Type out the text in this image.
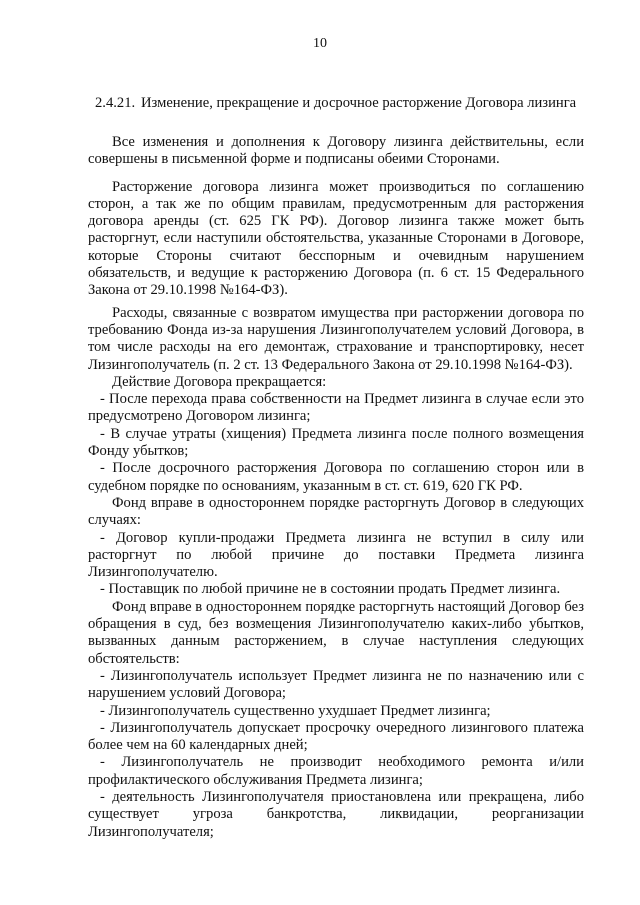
10
2.4.21. Изменение, прекращение и досрочное расторжение Договора лизинга

Все изменения и дополнения к Договору лизинга действительны, если совершены в письменной форме и подписаны обеими Сторонами.

Расторжение договора лизинга может производиться по соглашению сторон, а так же по общим правилам, предусмотренным для расторжения договора аренды (ст. 625 ГК РФ). Договор лизинга также может быть расторгнут, если наступили обстоятельства, указанные Сторонами в Договоре, которые Стороны считают бесспорным и очевидным нарушением обязательств, и ведущие к расторжению Договора (п. 6 ст. 15 Федерального Закона от 29.10.1998 №164-ФЗ).

Расходы, связанные с возвратом имущества при расторжении договора по требованию Фонда из-за нарушения Лизингополучателем условий Договора, в том числе расходы на его демонтаж, страхование и транспортировку, несет Лизингополучатель (п. 2 ст. 13 Федерального Закона от 29.10.1998 №164-ФЗ).

Действие Договора прекращается:

- После перехода права собственности на Предмет лизинга в случае если это предусмотрено Договором лизинга;

- В случае утраты (хищения) Предмета лизинга после полного возмещения Фонду убытков;

- После досрочного расторжения Договора по соглашению сторон или в судебном порядке по основаниям, указанным в ст. ст. 619, 620 ГК РФ.

Фонд вправе в одностороннем порядке расторгнуть Договор в следующих случаях:

- Договор купли-продажи Предмета лизинга не вступил в силу или расторгнут по любой причине до поставки Предмета лизинга Лизингополучателю.

- Поставщик по любой причине не в состоянии продать Предмет лизинга.

Фонд вправе в одностороннем порядке расторгнуть настоящий Договор без обращения в суд, без возмещения Лизингополучателю каких-либо убытков, вызванных данным расторжением, в случае наступления следующих обстоятельств:

- Лизингополучатель использует Предмет лизинга не по назначению или с нарушением условий Договора;

- Лизингополучатель существенно ухудшает Предмет лизинга;

- Лизингополучатель допускает просрочку очередного лизингового платежа более чем на 60 календарных дней;

- Лизингополучатель не производит необходимого ремонта и/или профилактического обслуживания Предмета лизинга;

- деятельность Лизингополучателя приостановлена или прекращена, либо существует угроза банкротства, ликвидации, реорганизации Лизингополучателя;
